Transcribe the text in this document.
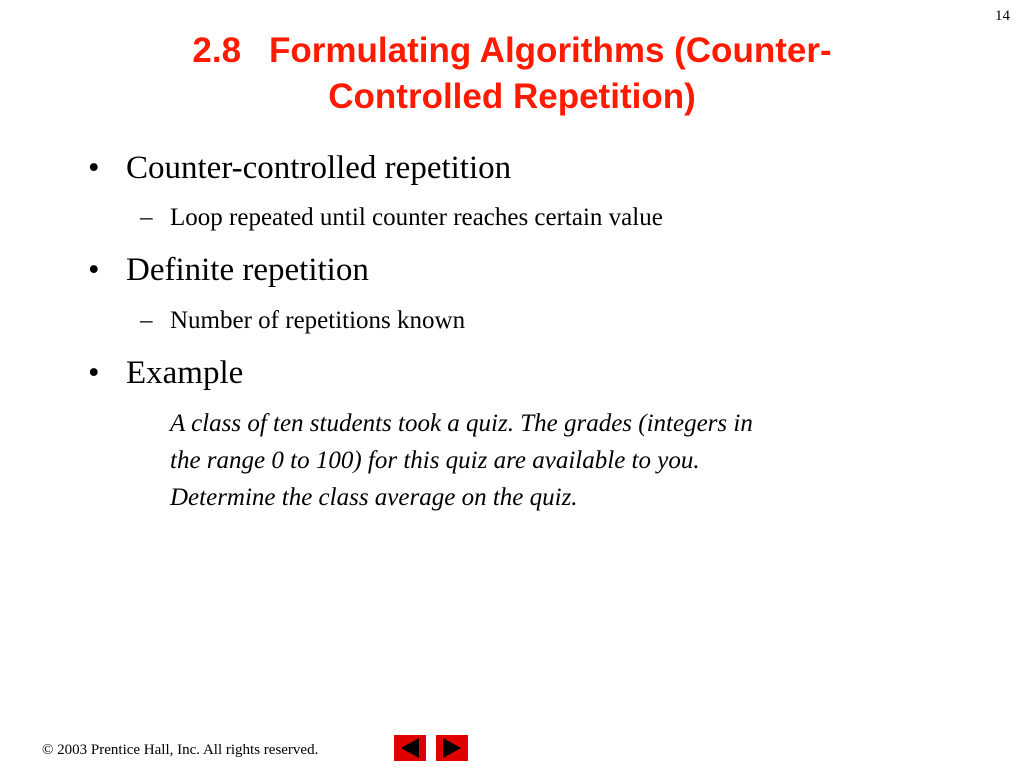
14
2.8 Formulating Algorithms (Counter-
Controlled Repetition)
• Counter-controlled repetition
– Loop repeated until counter reaches certain value
• Definite repetition
– Number of repetitions known
• Example
A class of ten students took a quiz. The grades (integers in
the range 0 to 100) for this quiz are available to you.
Determine the class average on the quiz.
© 2003 Prentice Hall, Inc. All rights reserved.
